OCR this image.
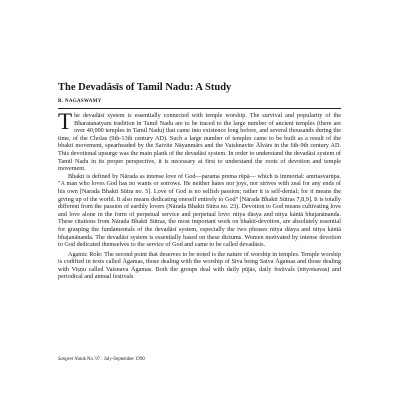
The Devadāsīs of Tamil Nadu: A Study
R. NAGASWAMY

The devadāsī system is essentially connected with temple worship. The survival and popularity of the Bharatanatyam tradition in Tamil Nadu are to be traced to the large number of ancient temples (there are over 40,000 temples in Tamil Nadu) that came into existence long before, and several thousands during the time, of the Cholas (9th-13th century AD). Such a large number of temples came to be built as a result of the bhakti movement, spearheaded by the Saivite Nāyanmārs and the Vaishnavite Ālvārs in the 6th-9th century AD. This devotional upsurge was the main plank of the devadāsī system. In order to understand the devadāsī system of Tamil Nadu in its proper perspective, it is necessary at first to understand the roots of devotion and temple movement.

Bhakti is defined by Nārada as intense love of God—parama prema rūpā— which is immortal: amrtasvarūpa. "A man who loves God has no wants or sorrows. He neither hates nor joys, nor strives with zeal for any ends of his own [Narada Bhakti Sūtra no. 5]. Love of God is no selfish passion; rather it is self-denial; for it means the giving up of the world. It also means dedicating oneself entirely to God" [Nārada Bhakti Sūtras 7,8,9]. It is totally different from the passion of earthly lovers (Nārada Bhakti Sūtra no. 23). Devotion to God means cultivating love and love alone in the form of perpetual service and perpetual love: nitya dāsya and nitya kāntā bhajanānanda. These citations from Nārada Bhakti Sūtras, the most important work on bhakti-devotion, are absolutely essential for grasping the fundamentals of the devadāsī system, especially the two phrases nitya dāsya and nitya kāntā bhajanānanda. The devadāsī system is essentially based on these dictums. Women motivated by intense devotion to God dedicated themselves to the service of God and came to be called devadāsis.

Agamic Role: The second point that deserves to be noted is the nature of worship in temples. Temple worship is codified in texts called Āgamas, those dealing with the worship of Siva being Saiva Āgamas and those dealing with Viṣṇu called Vaisnava Āgamas. Both the groups deal with daily pūjās, daily festivals (nityotsavas) and periodical and annual festivals

Sangeet Natak No. 97 : July-September 1990
